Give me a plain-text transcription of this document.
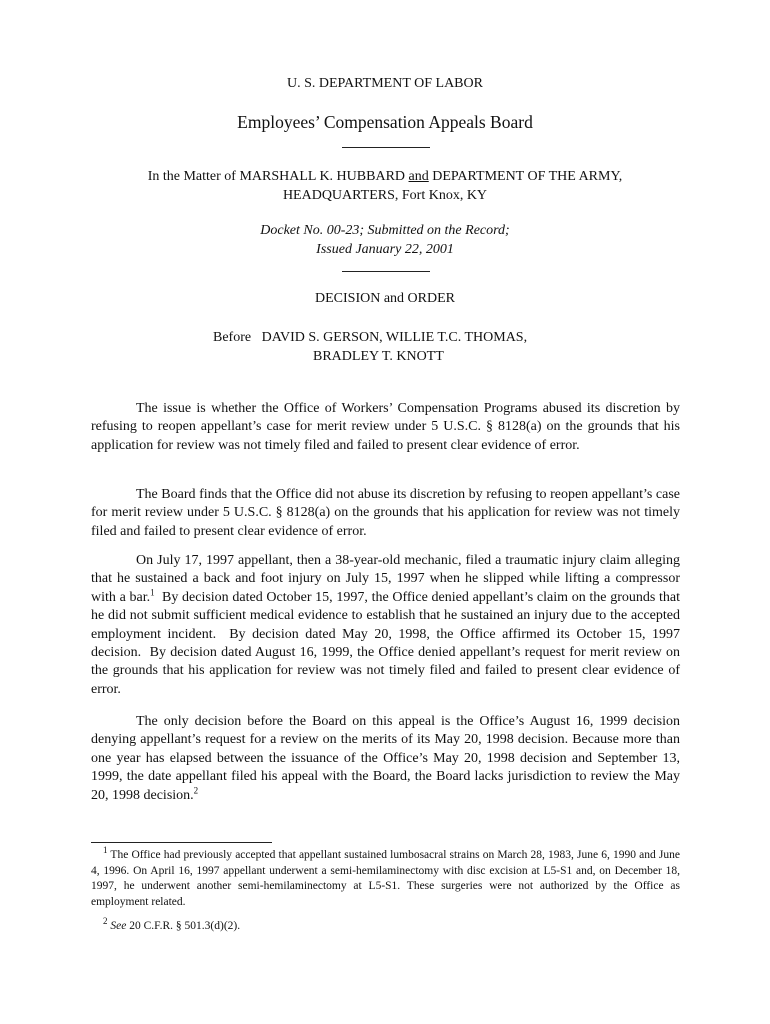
U. S. DEPARTMENT OF LABOR
Employees’ Compensation Appeals Board
In the Matter of MARSHALL K. HUBBARD and DEPARTMENT OF THE ARMY,
HEADQUARTERS, Fort Knox, KY
Docket No. 00-23; Submitted on the Record;
Issued January 22, 2001
DECISION and ORDER
Before   DAVID S. GERSON, WILLIE T.C. THOMAS,
BRADLEY T. KNOTT

The issue is whether the Office of Workers’ Compensation Programs abused its discretion by refusing to reopen appellant’s case for merit review under 5 U.S.C. § 8128(a) on the grounds that his application for review was not timely filed and failed to present clear evidence of error.

The Board finds that the Office did not abuse its discretion by refusing to reopen appellant’s case for merit review under 5 U.S.C. § 8128(a) on the grounds that his application for review was not timely filed and failed to present clear evidence of error.

On July 17, 1997 appellant, then a 38-year-old mechanic, filed a traumatic injury claim alleging that he sustained a back and foot injury on July 15, 1997 when he slipped while lifting a compressor with a bar.$^1$  By decision dated October 15, 1997, the Office denied appellant’s claim on the grounds that he did not submit sufficient medical evidence to establish that he sustained an injury due to the accepted employment incident.  By decision dated May 20, 1998, the Office affirmed its October 15, 1997 decision.  By decision dated August 16, 1999, the Office denied appellant’s request for merit review on the grounds that his application for review was not timely filed and failed to present clear evidence of error.

The only decision before the Board on this appeal is the Office’s August 16, 1999 decision denying appellant’s request for a review on the merits of its May 20, 1998 decision. Because more than one year has elapsed between the issuance of the Office’s May 20, 1998 decision and September 13, 1999, the date appellant filed his appeal with the Board, the Board lacks jurisdiction to review the May 20, 1998 decision.$^2$

$^1$ The Office had previously accepted that appellant sustained lumbosacral strains on March 28, 1983, June 6, 1990 and June 4, 1996. On April 16, 1997 appellant underwent a semi-hemilaminectomy with disc excision at L5-S1 and, on December 18, 1997, he underwent another semi-hemilaminectomy at L5-S1. These surgeries were not authorized by the Office as employment related.

$^2$ See 20 C.F.R. § 501.3(d)(2).
